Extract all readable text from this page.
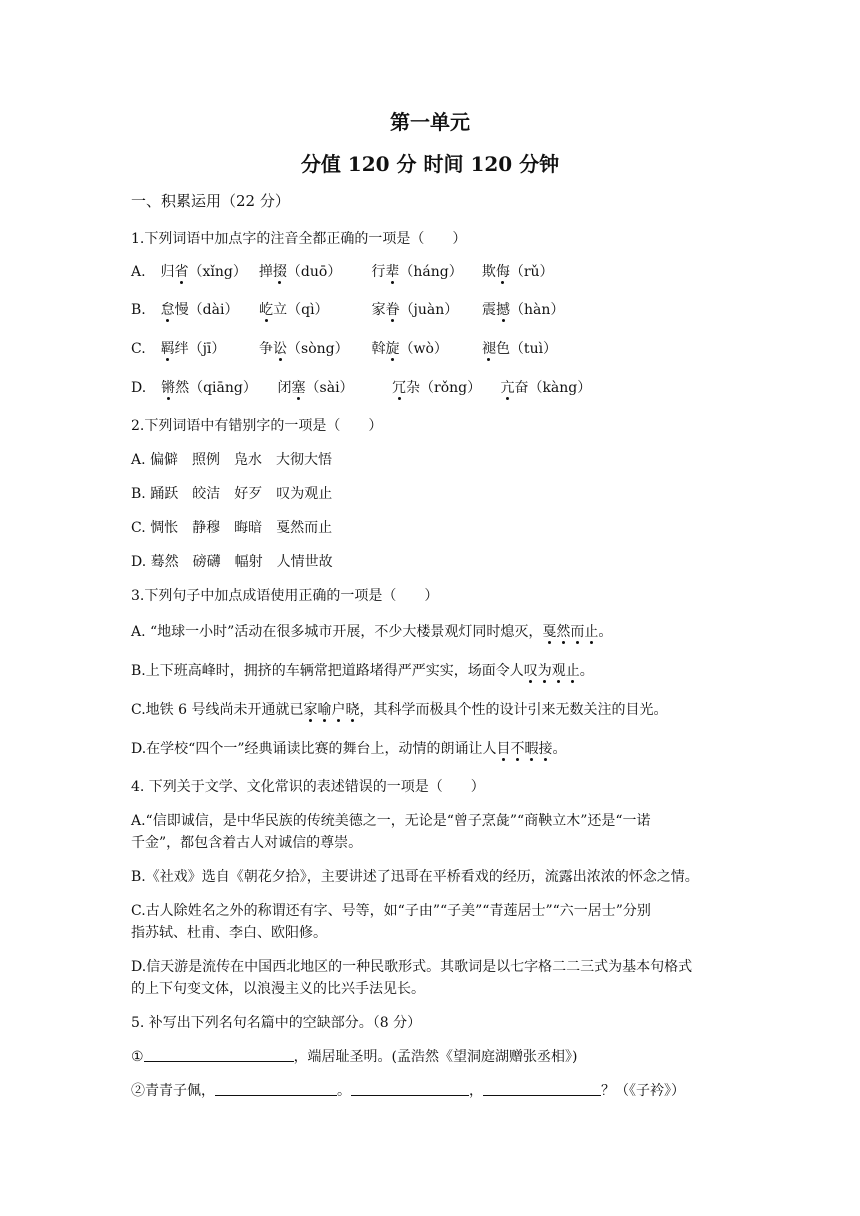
第一单元
分值 120 分 时间 120 分钟
一、积累运用（22 分）
1.下列词语中加点字的注音全都正确的一项是（　　）
A. 归省（xǐng） 掸掇（duō） 行辈（háng） 欺侮（rǔ）
B. 怠慢（dài） 屹立（qì）	家眷（juàn） 震撼（hàn）
C. 羁绊（jī） 争讼（sòng） 斡旋（wò） 褪色（tuì）
D. 锵然（qiāng） 闭塞（sài）	冗杂（rǒng） 亢奋（kàng）
2.下列词语中有错别字的一项是（　　）
A. 偏僻　照例　凫水　大彻大悟
B. 踊跃　皎洁　好歹　叹为观止
C. 惆怅　静穆　晦暗　戛然而止
D. 蓦然　磅礴　幅射　人情世故
3.下列句子中加点成语使用正确的一项是（　　）
A. “地球一小时”活动在很多城市开展，不少大楼景观灯同时熄灭，戛然而止。
B.上下班高峰时，拥挤的车辆常把道路堵得严严实实，场面令人叹为观止。
C.地铁 6 号线尚未开通就已家喻户晓，其科学而极具个性的设计引来无数关注的目光。
D.在学校“四个一”经典诵读比赛的舞台上，动情的朗诵让人目不暇接。
4. 下列关于文学、文化常识的表述错误的一项是（　　）
A.“信即诚信，是中华民族的传统美德之一，无论是“曾子烹彘”“商鞅立木”还是“一诺
千金”，都包含着古人对诚信的尊崇。
B.《社戏》选自《朝花夕拾》，主要讲述了迅哥在平桥看戏的经历，流露出浓浓的怀念之情。
C.古人除姓名之外的称谓还有字、号等，如“子由”“子美”“青莲居士”“六一居士”分别
指苏轼、杜甫、李白、欧阳修。
D.信天游是流传在中国西北地区的一种民歌形式。其歌词是以七字格二二三式为基本句格式
的上下句变文体，以浪漫主义的比兴手法见长。
5. 补写出下列名句名篇中的空缺部分。（8 分）
①	，端居耻圣明。(孟浩然《望洞庭湖赠张丞相》)
②青青子佩，	。	，	？（《子衿》）
